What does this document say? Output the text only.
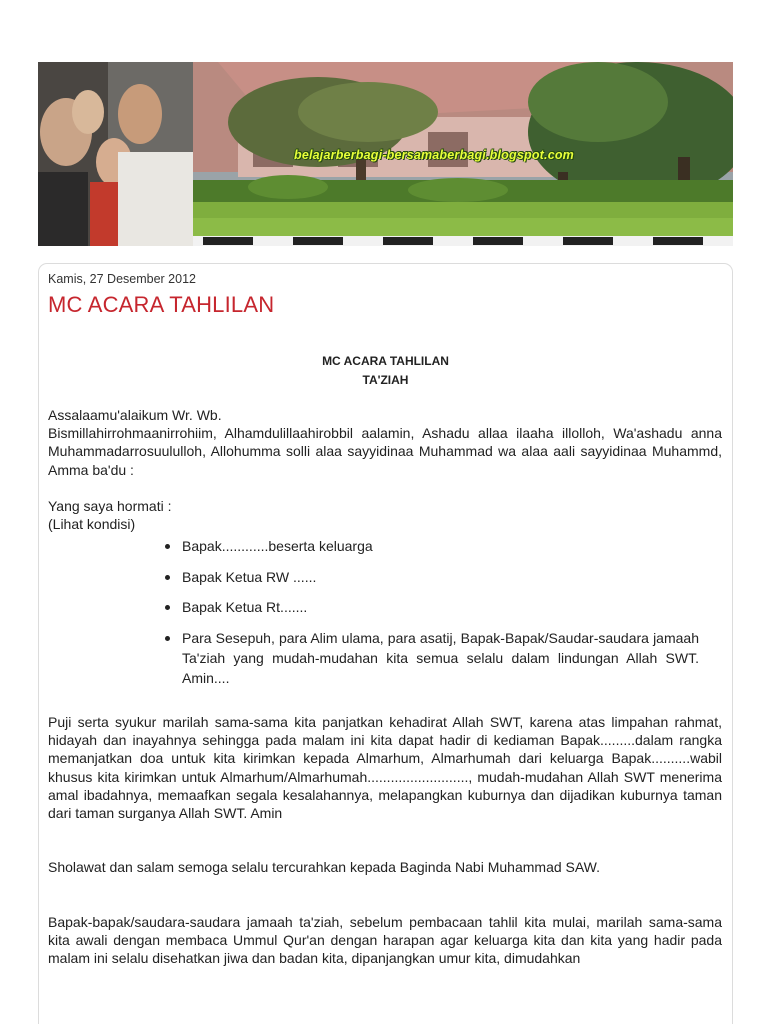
belajarberbagi-bersamaberbagi.blogspot.com
Kamis, 27 Desember 2012
MC ACARA TAHLILAN
MC ACARA TAHLILAN
TA'ZIAH

Assalaamu'alaikum Wr. Wb.

Bismillahirrohmaanirrohiim, Alhamdulillaahirobbil aalamin, Ashadu allaa ilaaha illolloh, Wa'ashadu anna Muhammadarrosuululloh, Allohumma solli alaa sayyidinaa Muhammad wa alaa aali sayyidinaa Muhammd, Amma ba'du :

Yang saya hormati :

(Lihat kondisi)

Bapak............beserta keluarga
Bapak Ketua RW ......
Bapak Ketua Rt.......
Para Sesepuh, para Alim ulama, para asatij, Bapak-Bapak/Saudar-saudara jamaah Ta'ziah yang mudah-mudahan kita semua selalu dalam lindungan Allah SWT. Amin....
Puji serta syukur marilah sama-sama kita panjatkan kehadirat Allah SWT, karena atas limpahan rahmat, hidayah dan inayahnya sehingga pada malam ini kita dapat hadir di kediaman Bapak.........dalam rangka memanjatkan doa untuk kita kirimkan kepada Almarhum, Almarhumah dari keluarga Bapak..........wabil khusus kita kirimkan untuk Almarhum/Almarhumah.........................., mudah-mudahan Allah SWT menerima amal ibadahnya, memaafkan segala kesalahannya, melapangkan kuburnya dan dijadikan kuburnya taman dari taman surganya Allah SWT. Amin
Sholawat dan salam semoga selalu tercurahkan kepada Baginda Nabi Muhammad SAW.
Bapak-bapak/saudara-saudara jamaah ta'ziah, sebelum pembacaan tahlil kita mulai, marilah sama-sama kita awali dengan membaca Ummul Qur'an dengan harapan agar keluarga kita dan kita yang hadir pada malam ini selalu disehatkan jiwa dan badan kita, dipanjangkan umur kita, dimudahkan
